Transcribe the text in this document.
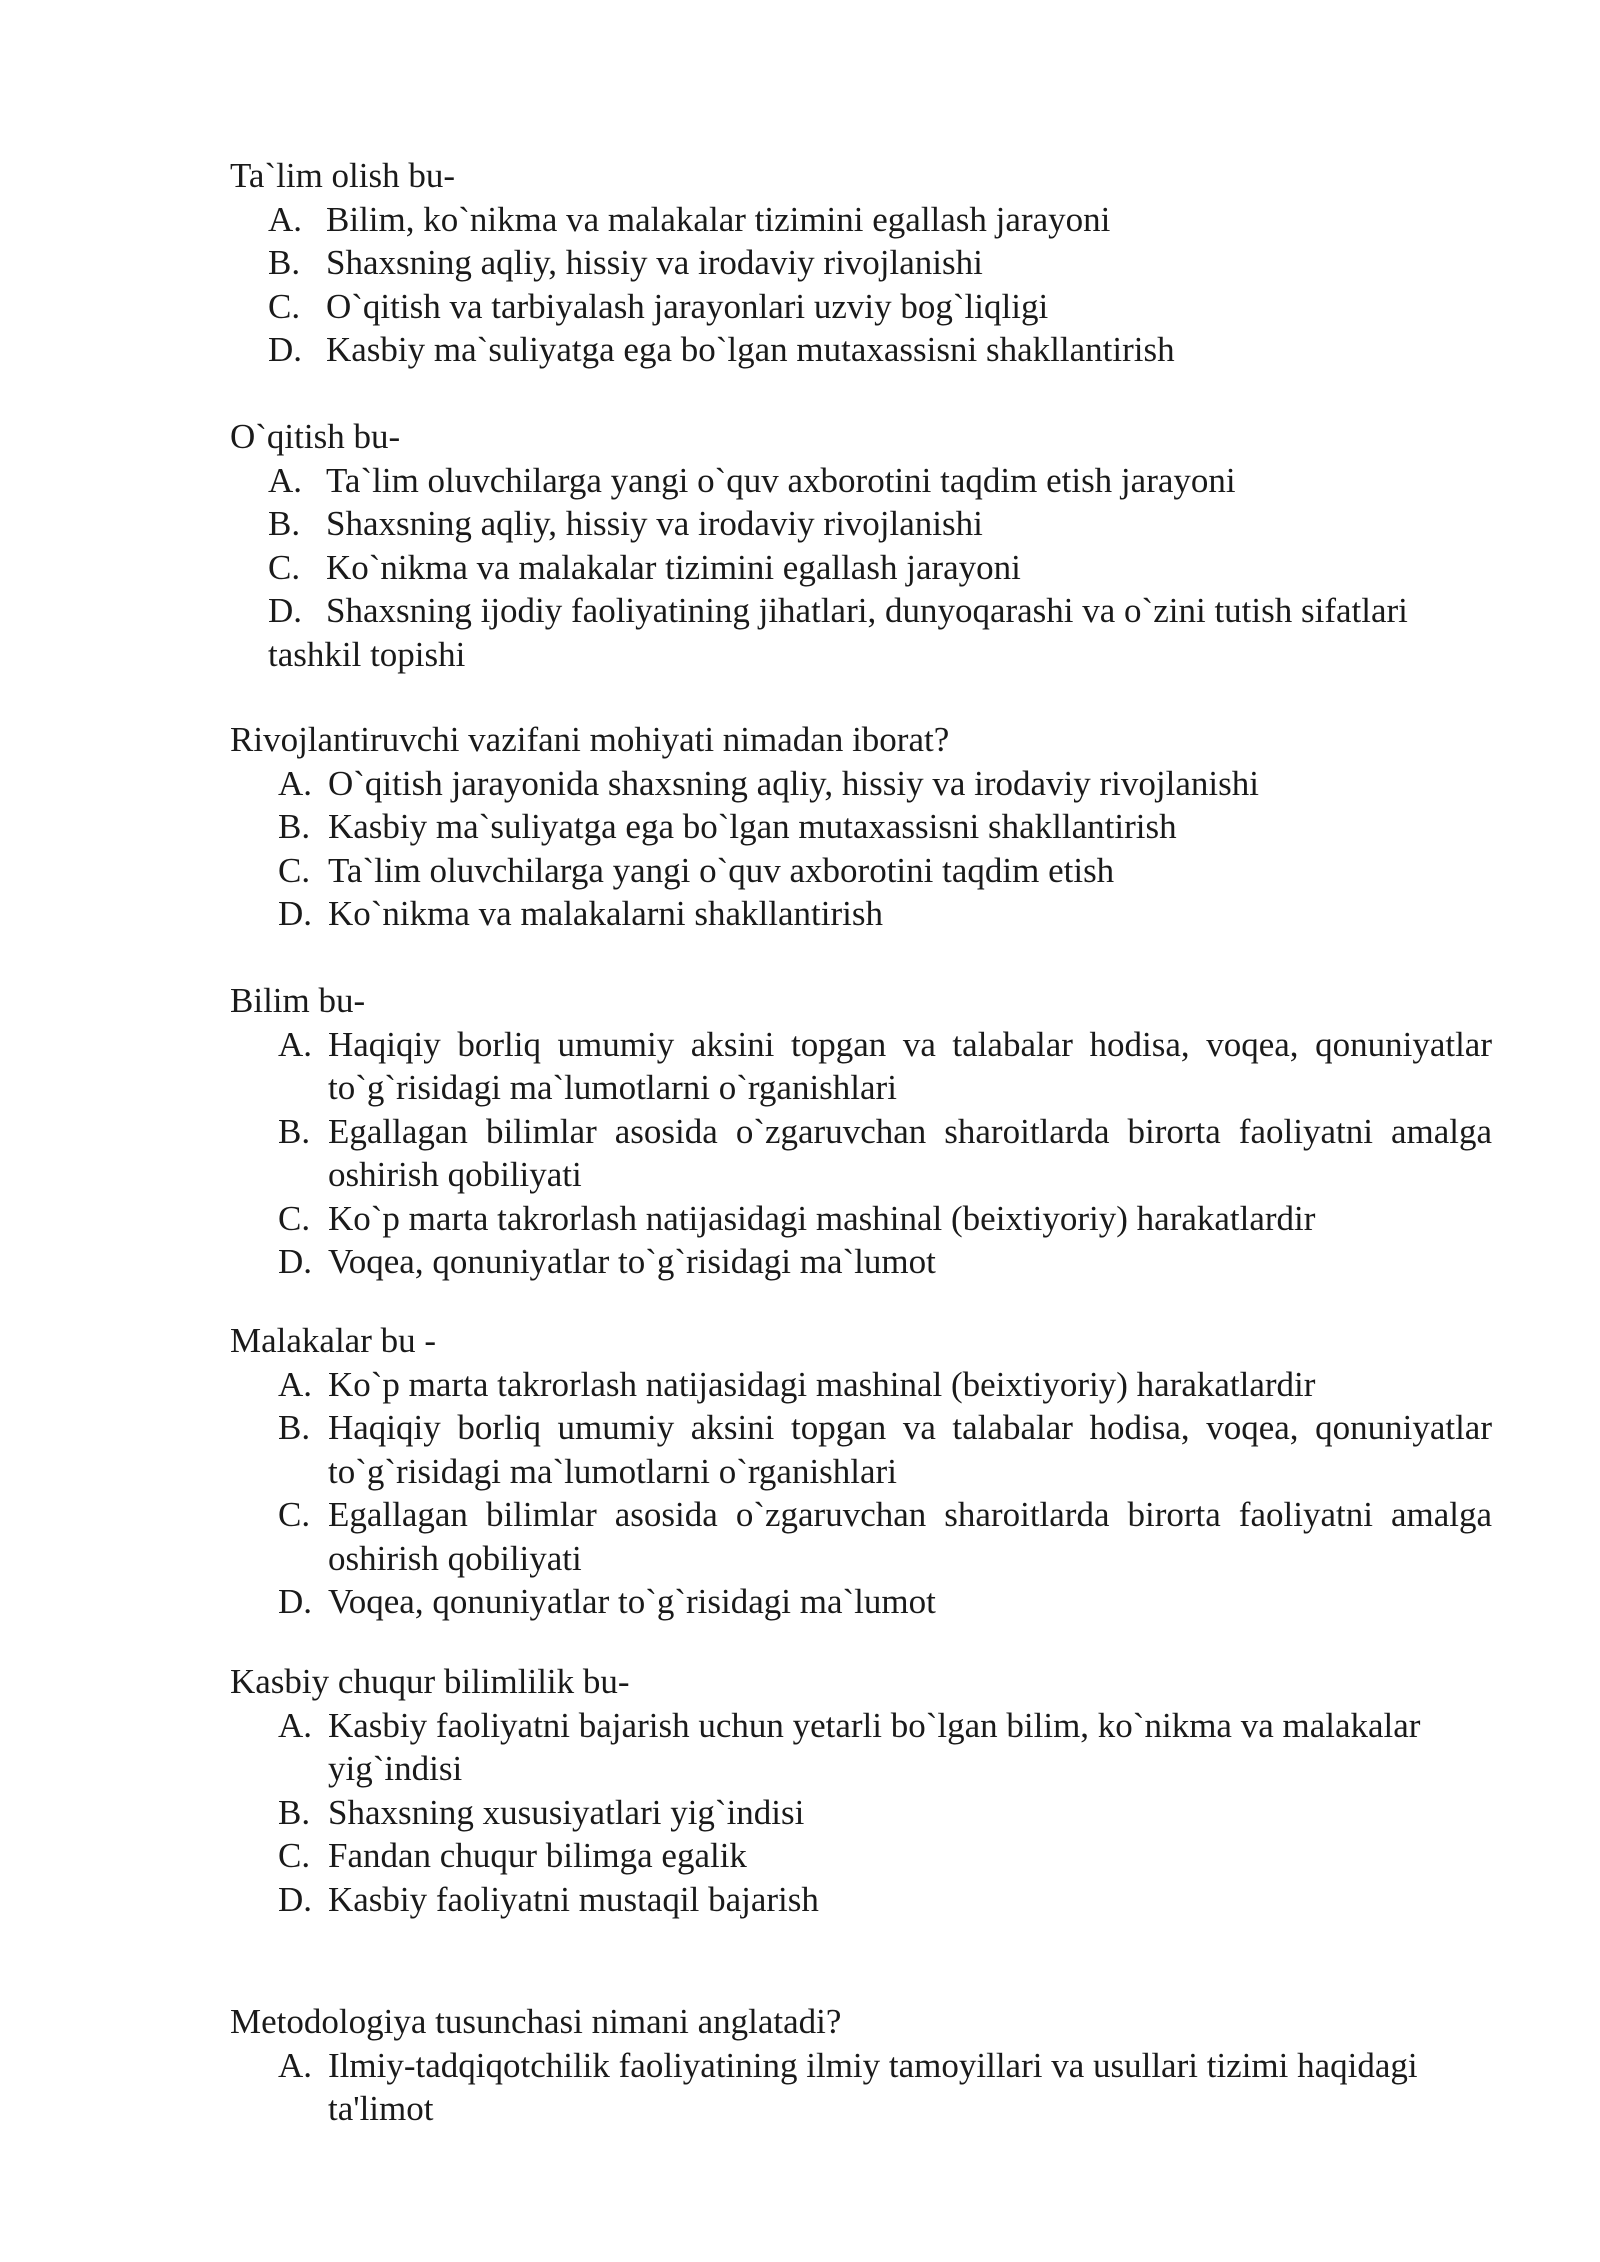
Ta`lim olish bu-

A. Bilim, ko`nikma va malakalar tizimini egallash jarayoni
B. Shaxsning aqliy, hissiy va irodaviy rivojlanishi
C. O`qitish va tarbiyalash jarayonlari uzviy bog`liqligi
D. Kasbiy ma`suliyatga ega bo`lgan mutaxassisni shakllantirish

O`qitish bu-

A. Ta`lim oluvchilarga yangi o`quv axborotini taqdim etish jarayoni
B. Shaxsning aqliy, hissiy va irodaviy rivojlanishi
C. Ko`nikma va malakalar tizimini egallash jarayoni
D. Shaxsning ijodiy faoliyatining jihatlari, dunyoqarashi va o`zini tutish sifatlari tashkil topishi

Rivojlantiruvchi vazifani mohiyati nimadan iborat?

A. O`qitish jarayonida shaxsning aqliy, hissiy va irodaviy rivojlanishi
B. Kasbiy ma`suliyatga ega bo`lgan mutaxassisni shakllantirish
C. Ta`lim oluvchilarga yangi o`quv axborotini taqdim etish
D. Ko`nikma va malakalarni shakllantirish

Bilim bu-

A. Haqiqiy borliq umumiy aksini topgan va talabalar hodisa, voqea, qonuniyatlar to`g`risidagi ma`lumotlarni o`rganishlari
B. Egallagan bilimlar asosida o`zgaruvchan sharoitlarda birorta faoliyatni amalga oshirish qobiliyati
C. Ko`p marta takrorlash natijasidagi mashinal (beixtiyoriy) harakatlardir
D. Voqea, qonuniyatlar to`g`risidagi ma`lumot

Malakalar bu -

A. Ko`p marta takrorlash natijasidagi mashinal (beixtiyoriy) harakatlardir
B. Haqiqiy borliq umumiy aksini topgan va talabalar hodisa, voqea, qonuniyatlar to`g`risidagi ma`lumotlarni o`rganishlari
C. Egallagan bilimlar asosida o`zgaruvchan sharoitlarda birorta faoliyatni amalga oshirish qobiliyati
D. Voqea, qonuniyatlar to`g`risidagi ma`lumot

Kasbiy chuqur bilimlilik bu-

A. Kasbiy faoliyatni bajarish uchun yetarli bo`lgan bilim, ko`nikma va malakalar yig`indisi
B. Shaxsning xususiyatlari yig`indisi
C. Fandan chuqur bilimga egalik
D. Kasbiy faoliyatni mustaqil bajarish

Metodologiya tusunchasi nimani anglatadi?

A. Ilmiy-tadqiqotchilik faoliyatining ilmiy tamoyillari va usullari tizimi haqidagi ta'limot
